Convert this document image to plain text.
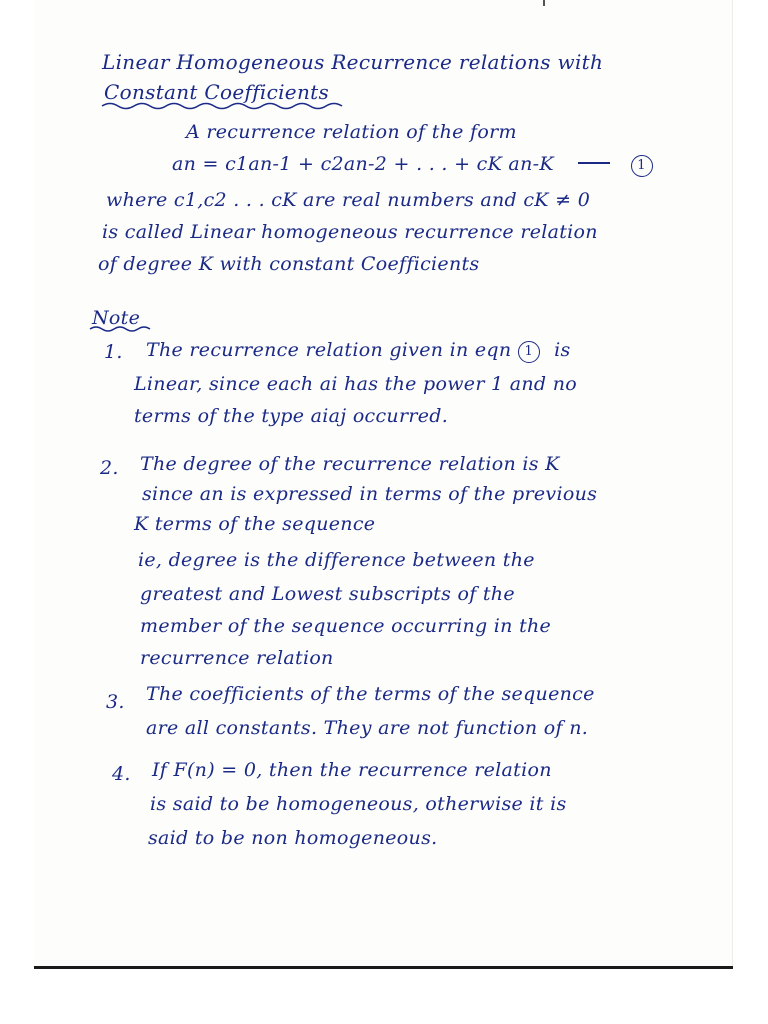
Linear Homogeneous Recurrence relations with
Constant Coefficients
A recurrence relation of the form
an = c1an-1 + c2an-2 + . . . + cK an-K	1
where c1,c2 . . . cK are real numbers and cK ≠ 0
is called Linear homogeneous recurrence relation
of degree K with constant Coefficients
Note
1. The recurrence relation given in eqn 1 is
Linear, since each ai has the power 1 and no
terms of the type aiaj occurred.
2. The degree of the recurrence relation is K
since an is expressed in terms of the previous
K terms of the sequence
ie, degree is the difference between the
greatest and Lowest subscripts of the
member of the sequence occurring in the
recurrence relation
3. The coefficients of the terms of the sequence
are all constants. They are not function of n.
4. If F(n) = 0, then the recurrence relation
is said to be homogeneous, otherwise it is
said to be non homogeneous.
